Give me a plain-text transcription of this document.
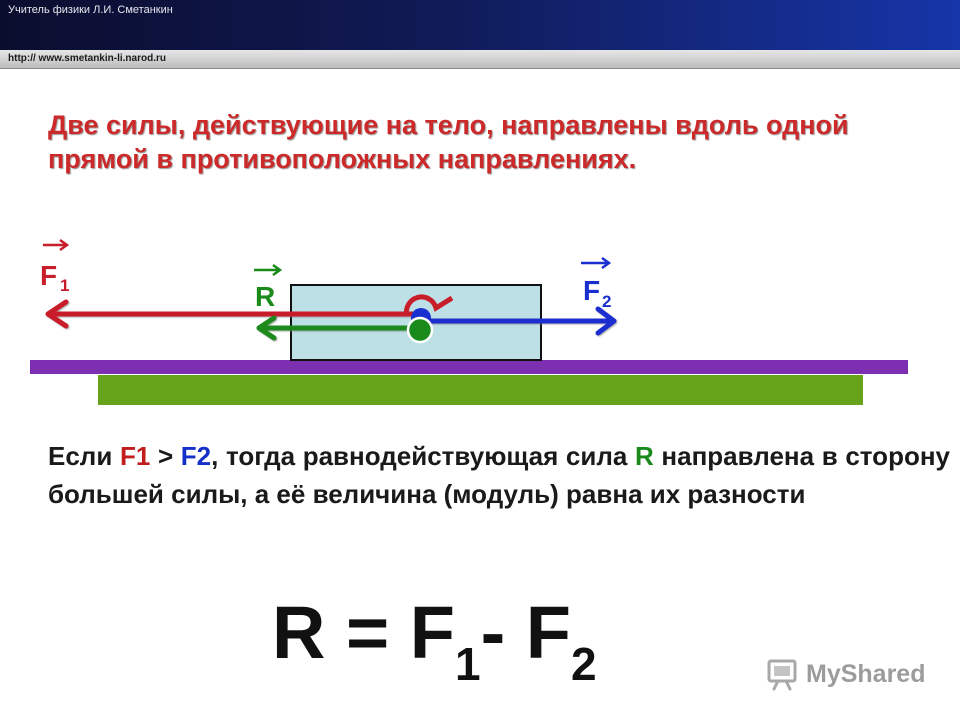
Учитель физики Л.И. Сметанкин
http:// www.smetankin-li.narod.ru

Две силы, действующие на тело, направлены вдоль одной прямой в противоположных направлениях.

F 1	R	F 2

Если F1 > F2, тогда равнодействующая сила R направлена в сторону большей силы, а её величина (модуль) равна их разности

$R = F_1-$ $F_2$	MyShared
